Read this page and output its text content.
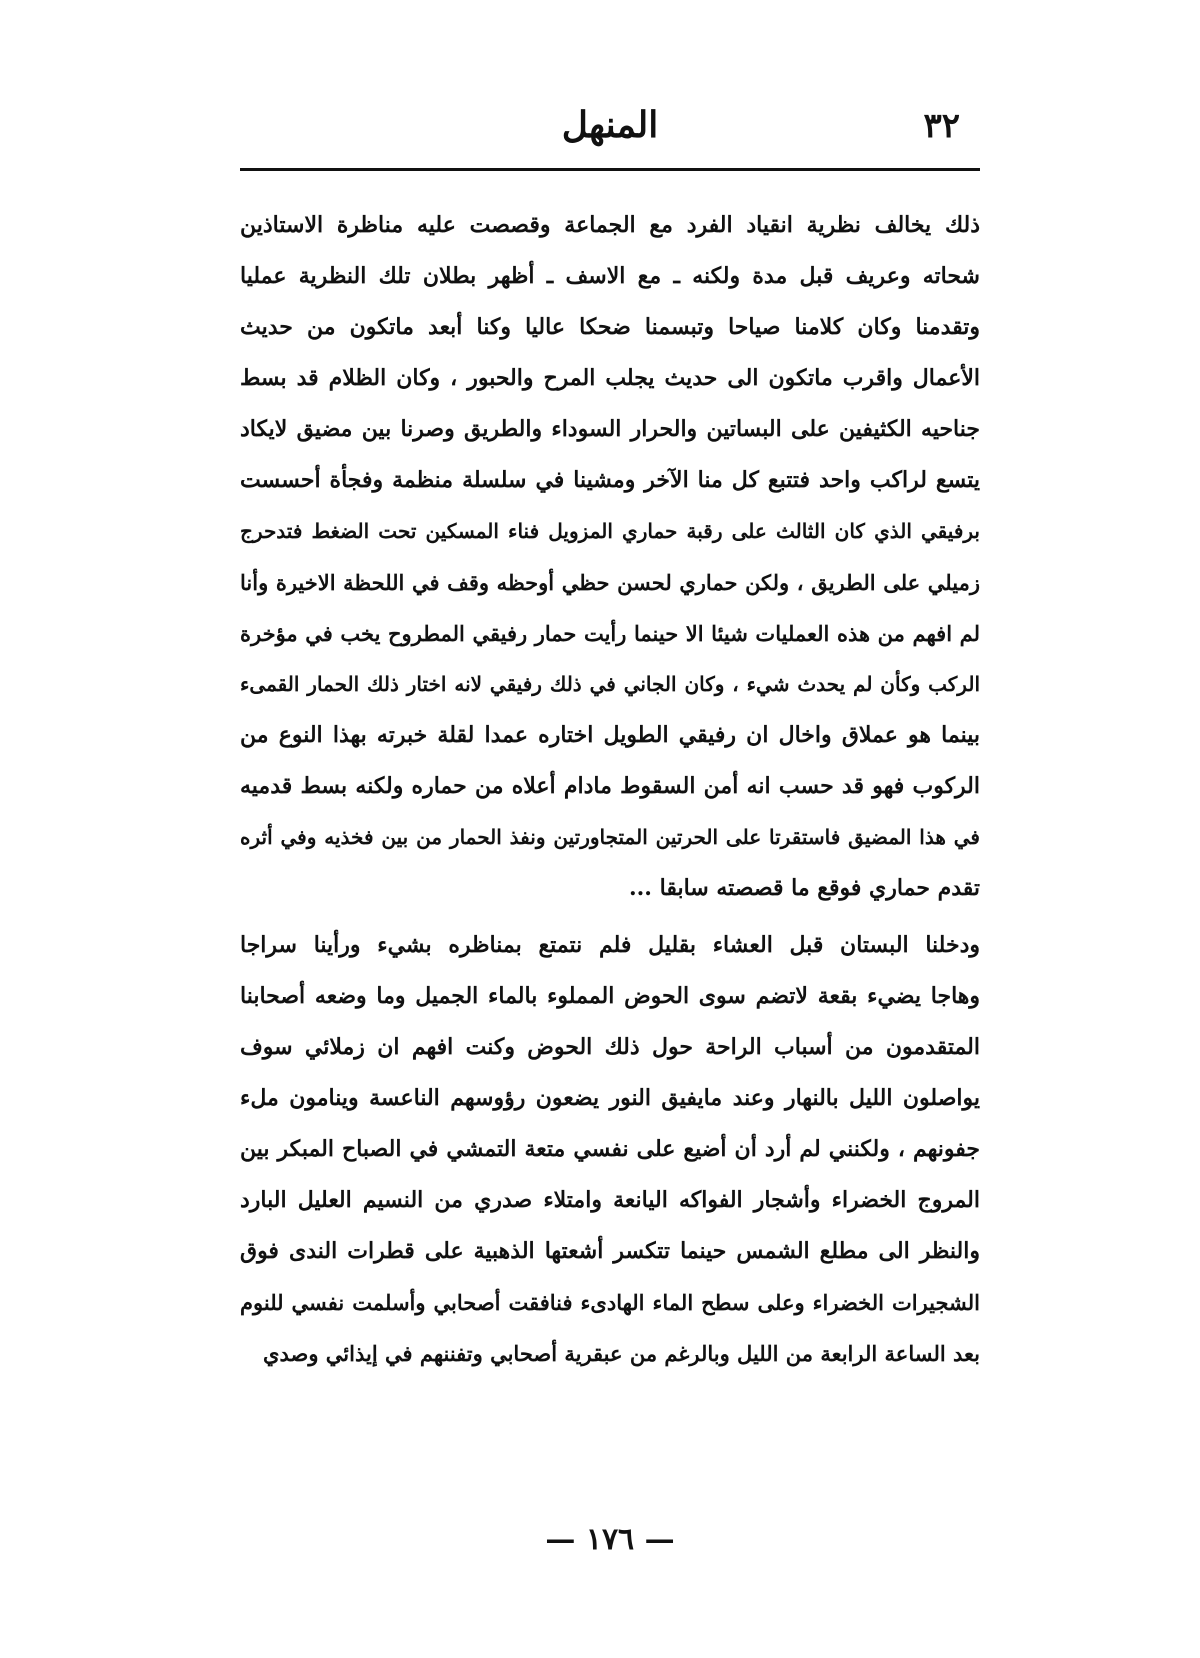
٣٢
المنهل
ذلك يخالف نظرية انقياد الفرد مع الجماعة وقصصت عليه مناظرة الاستاذين
شحاته وعريف قبل مدة ولكنه ـ مع الاسف ـ أظهر بطلان تلك النظرية عمليا
وتقدمنا وكان كلامنا صياحا وتبسمنا ضحكا عاليا وكنا أبعد ماتكون من حديث
الأعمال واقرب ماتكون الى حديث يجلب المرح والحبور ، وكان الظلام قد بسط
جناحيه الكثيفين على البساتين والحرار السوداء والطريق وصرنا بين مضيق لايكاد
يتسع لراكب واحد فتتبع كل منا الآخر ومشينا في سلسلة منظمة وفجأة أحسست
برفيقي الذي كان الثالث على رقبة حماري المزويل فناء المسكين تحت الضغط فتدحرج
زميلي على الطريق ، ولكن حماري لحسن حظي أوحظه وقف في اللحظة الاخيرة وأنا
لم افهم من هذه العمليات شيئا الا حينما رأيت حمار رفيقي المطروح يخب في مؤخرة
الركب وكأن لم يحدث شيء ، وكان الجاني في ذلك رفيقي لانه اختار ذلك الحمار القمىء
بينما هو عملاق واخال ان رفيقي الطويل اختاره عمدا لقلة خبرته بهذا النوع من
الركوب فهو قد حسب انه أمن السقوط مادام أعلاه من حماره ولكنه بسط قدميه
في هذا المضيق فاستقرتا على الحرتين المتجاورتين ونفذ الحمار من بين فخذيه وفي أثره
تقدم حماري فوقع ما قصصته سابقا ...
ودخلنا البستان قبل العشاء بقليل فلم نتمتع بمناظره بشيء ورأينا سراجا
وهاجا يضيء بقعة لاتضم سوى الحوض المملوء بالماء الجميل وما وضعه أصحابنا
المتقدمون من أسباب الراحة حول ذلك الحوض وكنت افهم ان زملائي سوف
يواصلون الليل بالنهار وعند مايفيق النور يضعون رؤوسهم الناعسة وينامون ملء
جفونهم ، ولكنني لم أرد أن أضيع على نفسي متعة التمشي في الصباح المبكر بين
المروج الخضراء وأشجار الفواكه اليانعة وامتلاء صدري من النسيم العليل البارد
والنظر الى مطلع الشمس حينما تتكسر أشعتها الذهبية على قطرات الندى فوق
الشجيرات الخضراء وعلى سطح الماء الهادىء فنافقت أصحابي وأسلمت نفسي للنوم
بعد الساعة الرابعة من الليل وبالرغم من عبقرية أصحابي وتفننهم في إيذائي وصدي
— ١٧٦ —
